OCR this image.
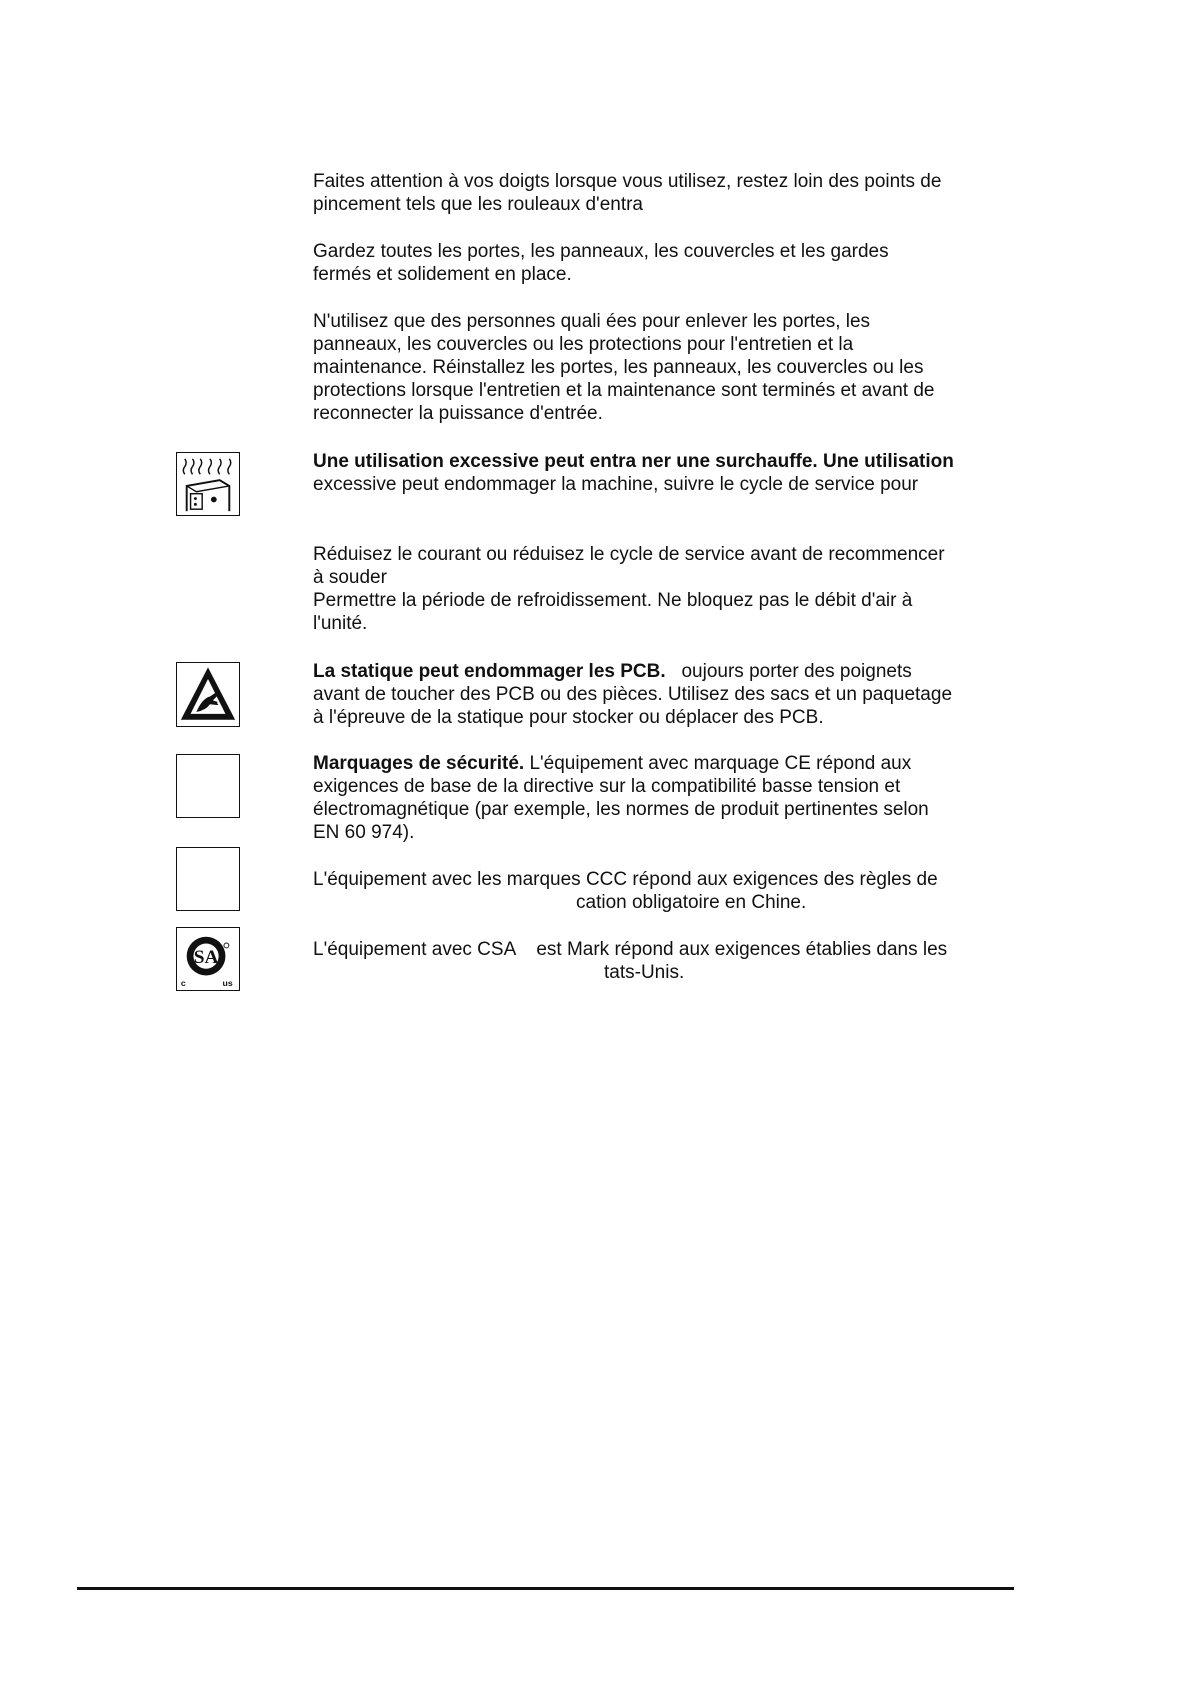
Faites attention à vos doigts lorsque vous utilisez, restez loin des points de
pincement tels que les rouleaux d'entra
Gardez toutes les portes, les panneaux, les couvercles et les gardes
fermés et solidement en place.
N'utilisez que des personnes quali ées pour enlever les portes, les
panneaux, les couvercles ou les protections pour l'entretien et la
maintenance. Réinstallez les portes, les panneaux, les couvercles ou les
protections lorsque l'entretien et la maintenance sont terminés et avant de
reconnecter la puissance d'entrée.
Une utilisation excessive peut entra ner une surchauffe. Une utilisation
excessive peut endommager la machine, suivre le cycle de service pour
Réduisez le courant ou réduisez le cycle de service avant de recommencer
à souder
Permettre la période de refroidissement. Ne bloquez pas le débit d'air à
l'unité.
La statique peut endommager les PCB.   oujours porter des poignets
avant de toucher des PCB ou des pièces. Utilisez des sacs et un paquetage
à l'épreuve de la statique pour stocker ou déplacer des PCB.
Marquages de sécurité. L'équipement avec marquage CE répond aux
exigences de base de la directive sur la compatibilité basse tension et
électromagnétique (par exemple, les normes de produit pertinentes selon
EN 60 974).
L'équipement avec les marques CCC répond aux exigences des règles de
cation obligatoire en Chine.
SA
c	us
L'équipement avec CSA    est Mark répond aux exigences établies dans les
tats-Unis.
